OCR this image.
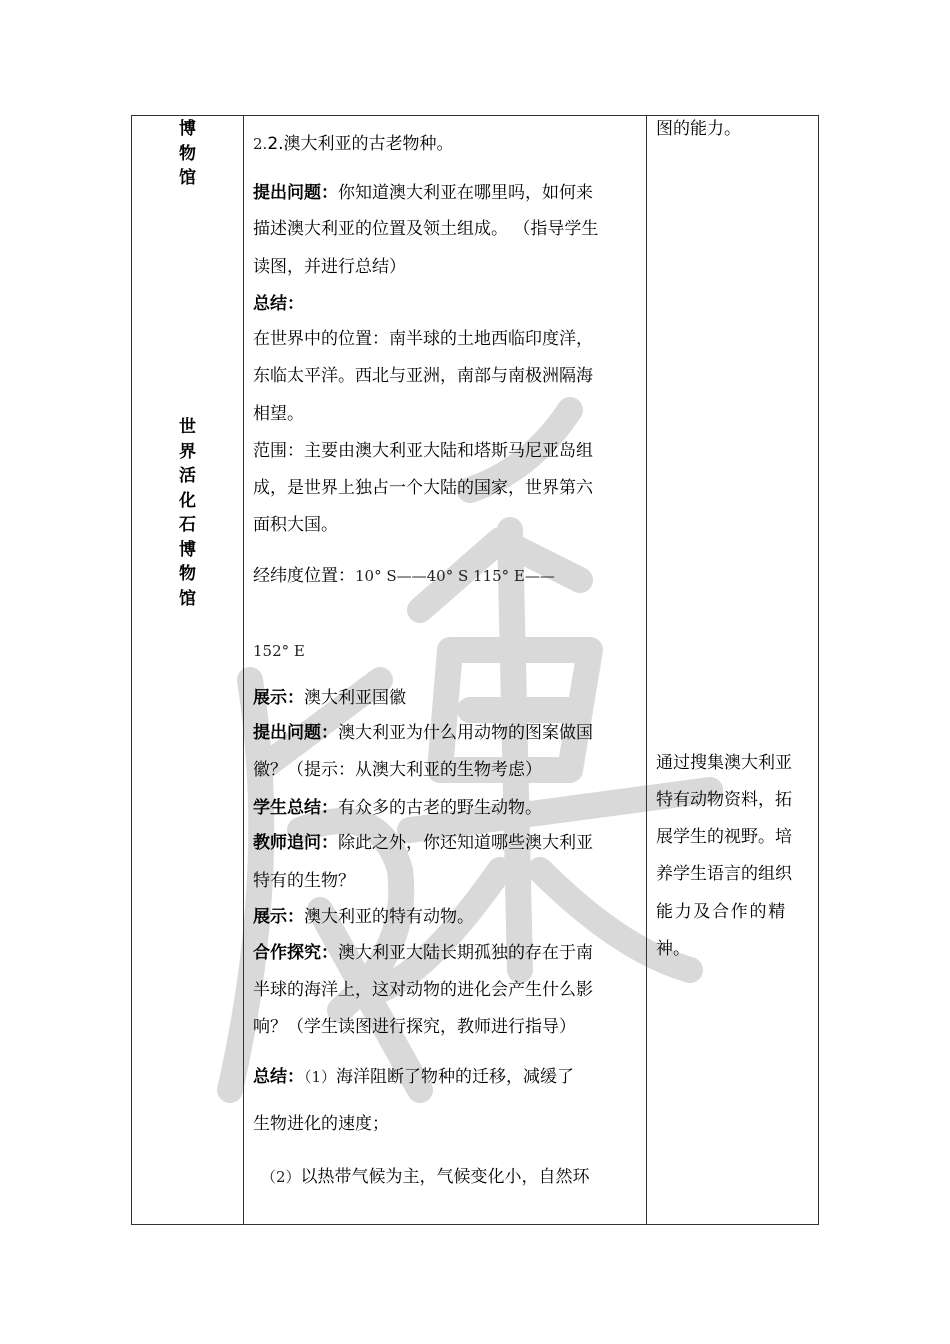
博
物
馆
世
界
活
化
石
博
物
馆
2.2.澳大利亚的古老物种。
提出问题：你知道澳大利亚在哪里吗，如何来
描述澳大利亚的位置及领土组成。 （指导学生
读图，并进行总结）
总结：
在世界中的位置：南半球的土地西临印度洋，
东临太平洋。西北与亚洲，南部与南极洲隔海
相望。
范围：主要由澳大利亚大陆和塔斯马尼亚岛组
成，是世界上独占一个大陆的国家，世界第六
面积大国。
经纬度位置：10° S——40° S 115° E——
152° E
展示：澳大利亚国徽
提出问题：澳大利亚为什么用动物的图案做国
徽？（提示：从澳大利亚的生物考虑）
学生总结：有众多的古老的野生动物。
教师追问：除此之外，你还知道哪些澳大利亚
特有的生物？
展示：澳大利亚的特有动物。
合作探究：澳大利亚大陆长期孤独的存在于南
半球的海洋上，这对动物的进化会产生什么影
响？（学生读图进行探究，教师进行指导）
总结：（1）海洋阻断了物种的迁移，减缓了
生物进化的速度；
（2）以热带气候为主，气候变化小，自然环
图的能力。
通过搜集澳大利亚
特有动物资料，拓
展学生的视野。培
养学生语言的组织
能力及合作的精
神。
